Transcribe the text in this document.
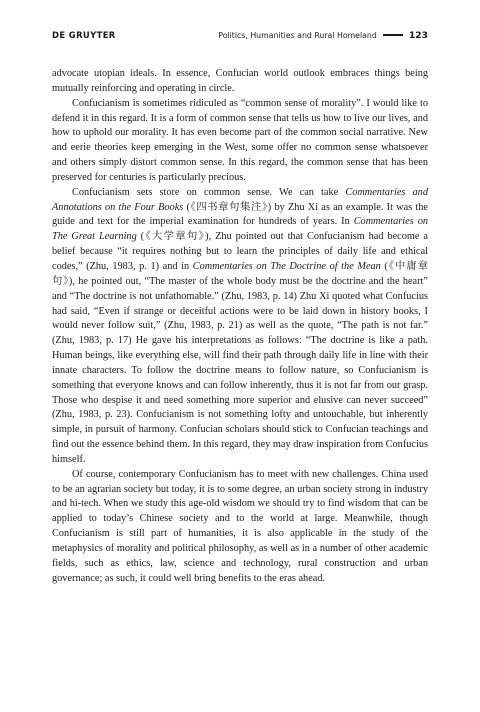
DE GRUYTER	Politics, Humanities and Rural Homeland	123

advocate utopian ideals. In essence, Confucian world outlook embraces things being mutually reinforcing and operating in circle.

Confucianism is sometimes ridiculed as “common sense of morality”. I would like to defend it in this regard. It is a form of common sense that tells us how to live our lives, and how to uphold our morality. It has even become part of the common social narrative. New and eerie theories keep emerging in the West, some offer no common sense whatsoever and others simply distort common sense. In this regard, the common sense that has been preserved for centuries is particularly precious.

Confucianism sets store on common sense. We can take Commentaries and Annotations on the Four Books (《四书章句集注》) by Zhu Xi as an example. It was the guide and text for the imperial examination for hundreds of years. In Commentaries on The Great Learning (《大学章句》), Zhu pointed out that Confucianism had become a belief because “it requires nothing but to learn the principles of daily life and ethical codes,” (Zhu, 1983, p. 1) and in Commentaries on The Doctrine of the Mean (《中庸章句》), he pointed out, “The master of the whole body must be the doctrine and the heart” and “The doctrine is not unfathomable.” (Zhu, 1983, p. 14) Zhu Xi quoted what Confucius had said, “Even if strange or deceitful actions were to be laid down in history books, I would never follow suit,” (Zhu, 1983, p. 21) as well as the quote, “The path is not far.” (Zhu, 1983, p. 17) He gave his interpretations as follows: “The doctrine is like a path. Human beings, like everything else, will find their path through daily life in line with their innate characters. To follow the doctrine means to follow nature, so Confucianism is something that everyone knows and can follow inherently, thus it is not far from our grasp. Those who despise it and need something more superior and elusive can never succeed” (Zhu, 1983, p. 23). Confucianism is not something lofty and untouchable, but inherently simple, in pursuit of harmony. Confucian scholars should stick to Confucian teachings and find out the essence behind them. In this regard, they may draw inspiration from Confucius himself.

Of course, contemporary Confucianism has to meet with new challenges. China used to be an agrarian society but today, it is to some degree, an urban society strong in industry and hi-tech. When we study this age-old wisdom we should try to find wisdom that can be applied to today’s Chinese society and to the world at large. Meanwhile, though Confucianism is still part of humanities, it is also applicable in the study of the metaphysics of morality and political philosophy, as well as in a number of other academic fields, such as ethics, law, science and technology, rural construction and urban governance; as such, it could well bring benefits to the eras ahead.
